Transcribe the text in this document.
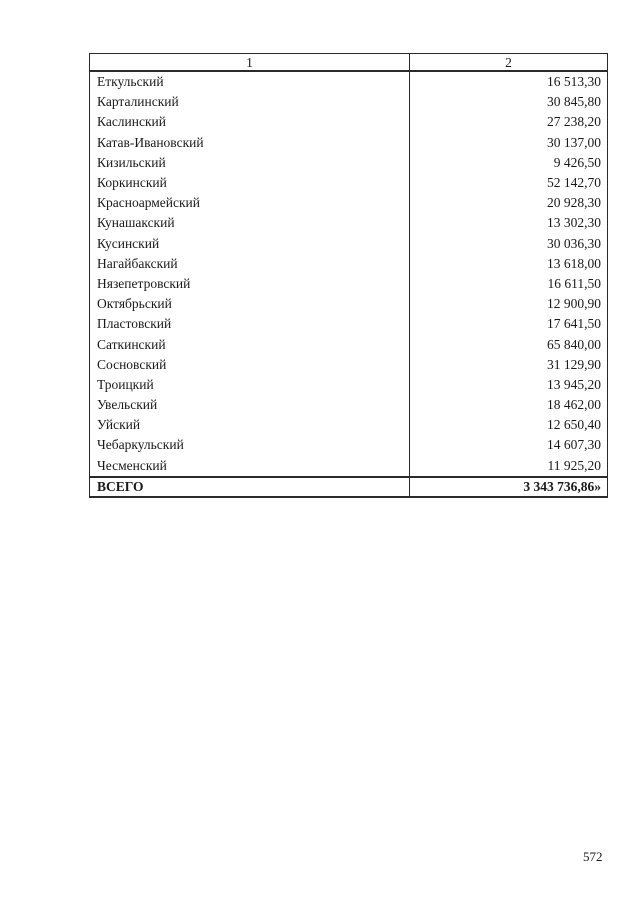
1	2
Еткульский	16 513,30
Карталинский	30 845,80
Каслинский	27 238,20
Катав-Ивановский	30 137,00
Кизильский	9 426,50
Коркинский	52 142,70
Красноармейский	20 928,30
Кунашакский	13 302,30
Кусинский	30 036,30
Нагайбакский	13 618,00
Нязепетровский	16 611,50
Октябрьский	12 900,90
Пластовский	17 641,50
Саткинский	65 840,00
Сосновский	31 129,90
Троицкий	13 945,20
Увельский	18 462,00
Уйский	12 650,40
Чебаркульский	14 607,30
Чесменский	11 925,20
ВСЕГО	3 343 736,86»
572
